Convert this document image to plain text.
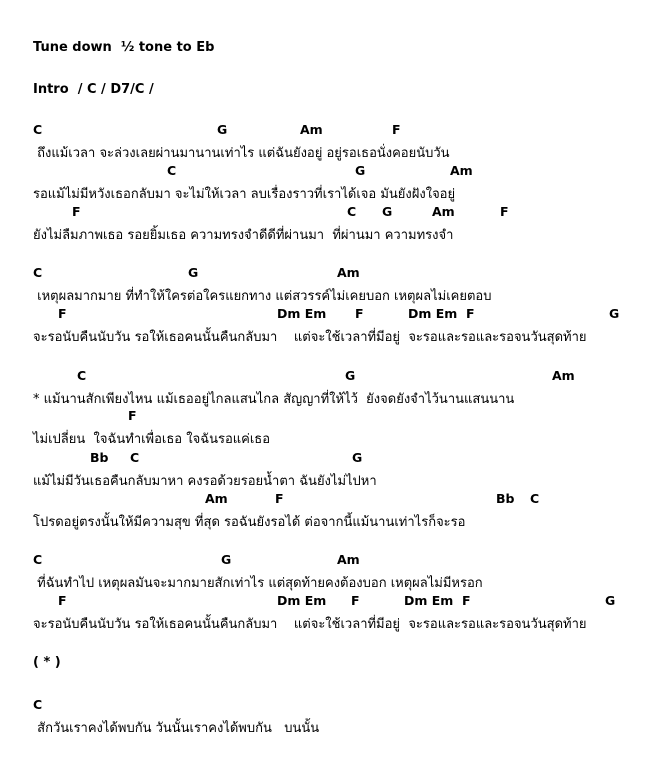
Tune down  ½ tone to Eb
Intro  / C / D7/C /
C	G	Am	F
ถึงแม้เวลา จะล่วงเลยผ่านมานานเท่าไร แต่ฉันยังอยู่ อยู่รอเธอนั่งคอยนับวัน
C	G	Am
รอแม้ไม่มีหวังเธอกลับมา จะไม่ให้เวลา ลบเรื่องราวที่เราได้เจอ มันยังฝังใจอยู่
F	C G	Am	F
ยังไม่ลืมภาพเธอ รอยยิ้มเธอ ความทรงจำดีดีที่ผ่านมา  ที่ผ่านมา ความทรงจำ
C	G	Am
เหตุผลมากมาย ที่ทำให้ใครต่อใครแยกทาง แต่สวรรค์ไม่เคยบอก เหตุผลไม่เคยตอบ
F	Dm Em F	Dm Em F	G
จะรอนับคืนนับวัน รอให้เธอคนนั้นคืนกลับมา    แต่จะใช้เวลาที่มีอยู่  จะรอและรอและรอจนวันสุดท้าย
C	G	Am
* แม้นานสักเพียงไหน แม้เธออยู่ไกลแสนไกล สัญญาที่ให้ไว้  ยังจดยังจำไว้นานแสนนาน
F
ไม่เปลี่ยน  ใจฉันทำเพื่อเธอ ใจฉันรอแค่เธอ
Bb C	G
แม้ไม่มีวันเธอคืนกลับมาหา คงรอด้วยรอยน้ำตา ฉันยังไม่ไปหา
Am	F	Bb C
โปรดอยู่ตรงนั้นให้มีความสุข ที่สุด รอฉันยังรอได้ ต่อจากนี้แม้นานเท่าไรก็จะรอ
C	G	Am
ที่ฉันทำไป เหตุผลมันจะมากมายสักเท่าไร แต่สุดท้ายคงต้องบอก เหตุผลไม่มีหรอก
F	Dm Em F	Dm Em F	G
จะรอนับคืนนับวัน รอให้เธอคนนั้นคืนกลับมา    แต่จะใช้เวลาที่มีอยู่  จะรอและรอและรอจนวันสุดท้าย
( * )
C
สักวันเราคงได้พบกัน วันนั้นเราคงได้พบกัน   บนนั้น
